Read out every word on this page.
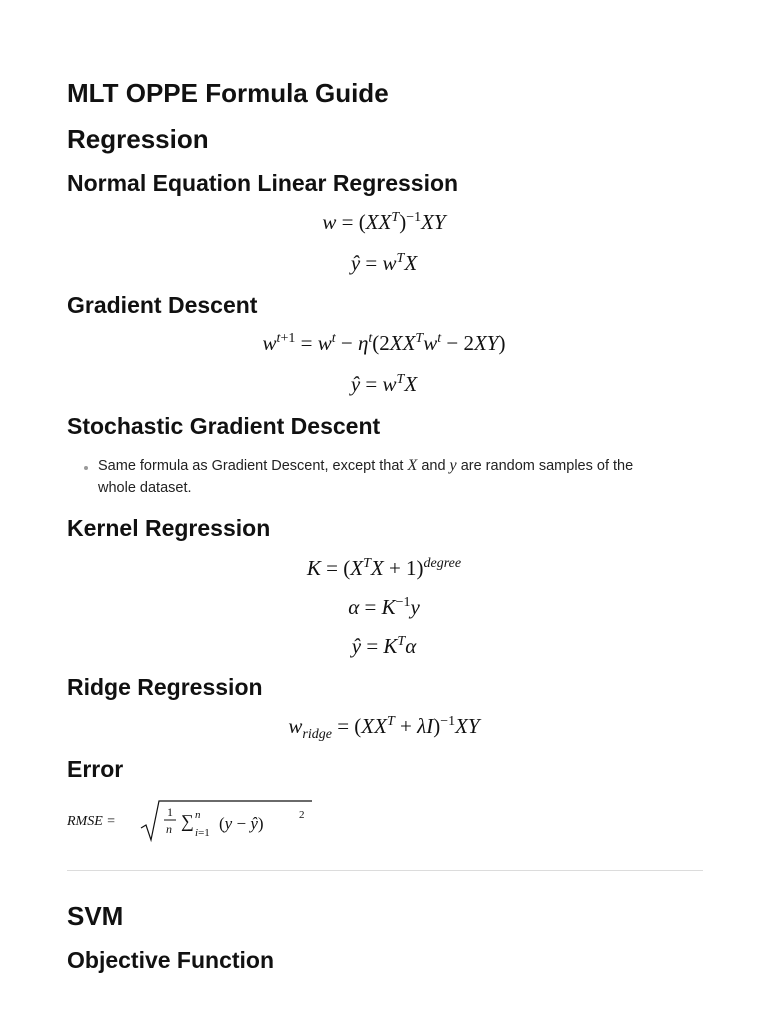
MLT OPPE Formula Guide
Regression
Normal Equation Linear Regression
$w = (XX^T)^{-1}XY$
ŷ = $w^TX$
Gradient Descent
$w^{t+1} = w^t - \eta^t(2XX^Tw^t - 2XY)$
ŷ = $w^TX$
Stochastic Gradient Descent
Same formula as Gradient Descent, except that X and y are random samples of the
whole dataset.
Kernel Regression
$K = (X^TX + 1)^{degree}$
$\alpha = K^{-1}y$
ŷ = $K^T\alpha$
Ridge Regression
$w_{ridge} = (XX^T + \lambda I)^{-1}XY$
Error
RMSE =
1
n ∑ n
i=1 (y − ŷ)	2
SVM
Objective Function
